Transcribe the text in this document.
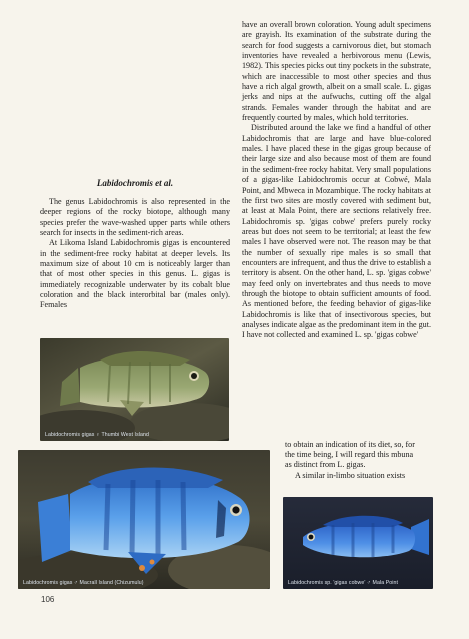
Labidochromis et al.

The genus Labidochromis is also represented in the deeper regions of the rocky biotope, although many species prefer the wave-washed upper parts while others search for insects in the sediment-rich areas.

At Likoma Island Labidochromis gigas is encountered in the sediment-free rocky habitat at deeper levels. Its maximum size of about 10 cm is noticeably larger than that of most other species in this genus. L. gigas is immediately recognizable underwater by its cobalt blue coloration and the black interorbital bar (males only). Females

have an overall brown coloration. Young adult specimens are grayish. Its examination of the substrate during the search for food suggests a carnivorous diet, but stomach inventories have revealed a herbivorous menu (Lewis, 1982). This species picks out tiny pockets in the substrate, which are inaccessible to most other species and thus have a rich algal growth, albeit on a small scale. L. gigas jerks and nips at the aufwuchs, cutting off the algal strands. Females wander through the habitat and are frequently courted by males, which hold territories.

Distributed around the lake we find a handful of other Labidochromis that are large and have blue-colored males. I have placed these in the gigas group because of their large size and also because most of them are found in the sediment-free rocky habitat. Very small populations of a gigas-like Labidochromis occur at Cobwé, Mala Point, and Mbweca in Mozambique. The rocky habitats at the first two sites are mostly covered with sediment but, at least at Mala Point, there are sections relatively free. Labidochromis sp. 'gigas cobwe' prefers purely rocky areas but does not seem to be territorial; at least the few males I have observed were not. The reason may be that the number of sexually ripe males is so small that encounters are infrequent, and thus the drive to establish a territory is absent. On the other hand, L. sp. 'gigas cobwe' may feed only on invertebrates and thus needs to move through the biotope to obtain sufficient amounts of food. As mentioned before, the feeding behavior of gigas-like Labidochromis is like that of insectivorous species, but analyses indicate algae as the predominant item in the gut. I have not collected and examined L. sp. 'gigas cobwe'

to obtain an indication of its diet, so, for
the time being, I will regard this mbuna
as distinct from L. gigas.
A similar in-limbo situation exists
Labidochromis gigas ♀ Thumbi West Island
Labidochromis gigas ♂ Macrall Island (Chizumulu)	Labidochromis sp. 'gigas cobwe' ♂ Mala Point
106
